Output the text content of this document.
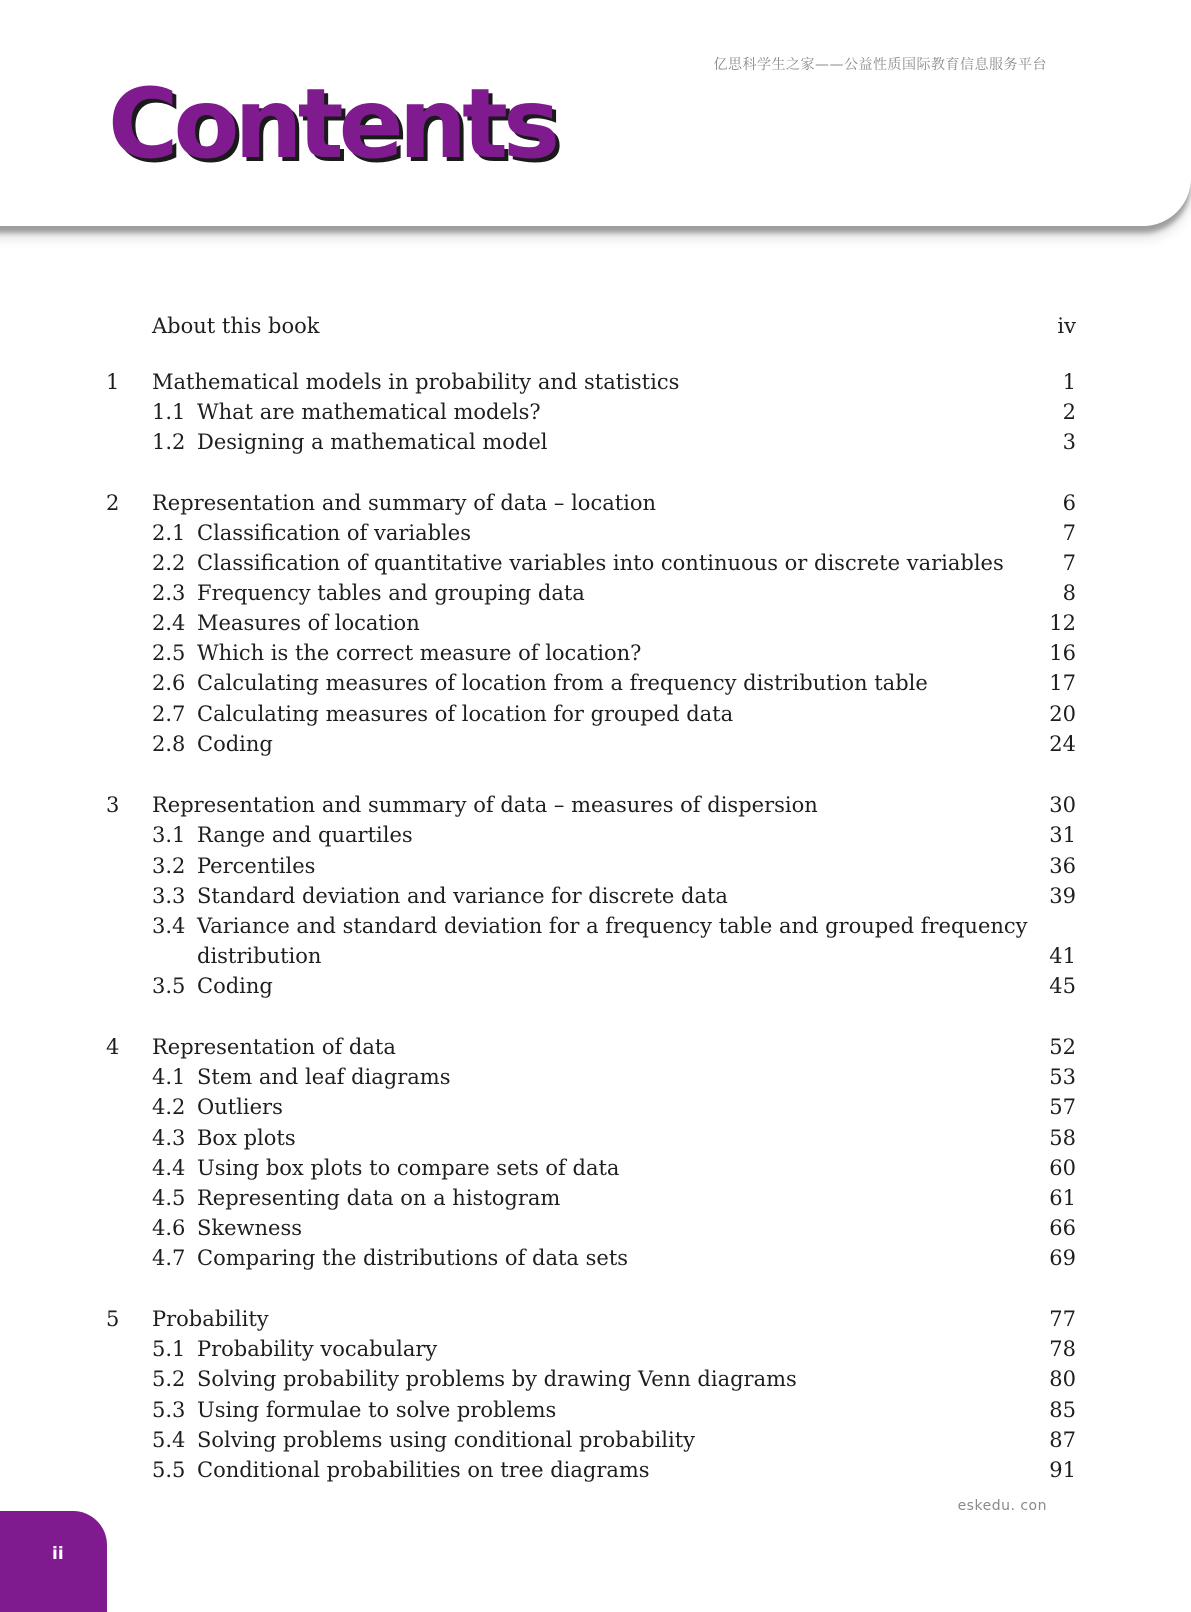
亿思科学生之家——公益性质国际教育信息服务平台
Contents
About this book	iv
1 Mathematical models in probability and statistics	1
1.1 What are mathematical models?	2
1.2 Designing a mathematical model	3
2 Representation and summary of data – location	6
2.1 Classification of variables	7
2.2 Classification of quantitative variables into continuous or discrete variables	7
2.3 Frequency tables and grouping data	8
2.4 Measures of location	12
2.5 Which is the correct measure of location?	16
2.6 Calculating measures of location from a frequency distribution table	17
2.7 Calculating measures of location for grouped data	20
2.8 Coding	24
3 Representation and summary of data – measures of dispersion	30
3.1 Range and quartiles	31
3.2 Percentiles	36
3.3 Standard deviation and variance for discrete data	39
3.4 Variance and standard deviation for a frequency table and grouped frequency
distribution	41
3.5 Coding	45
4 Representation of data	52
4.1 Stem and leaf diagrams	53
4.2 Outliers	57
4.3 Box plots	58
4.4 Using box plots to compare sets of data	60
4.5 Representing data on a histogram	61
4.6 Skewness	66
4.7 Comparing the distributions of data sets	69
5 Probability	77
5.1 Probability vocabulary	78
5.2 Solving probability problems by drawing Venn diagrams	80
5.3 Using formulae to solve problems	85
5.4 Solving problems using conditional probability	87
5.5 Conditional probabilities on tree diagrams	91
eskedu. con
ii
